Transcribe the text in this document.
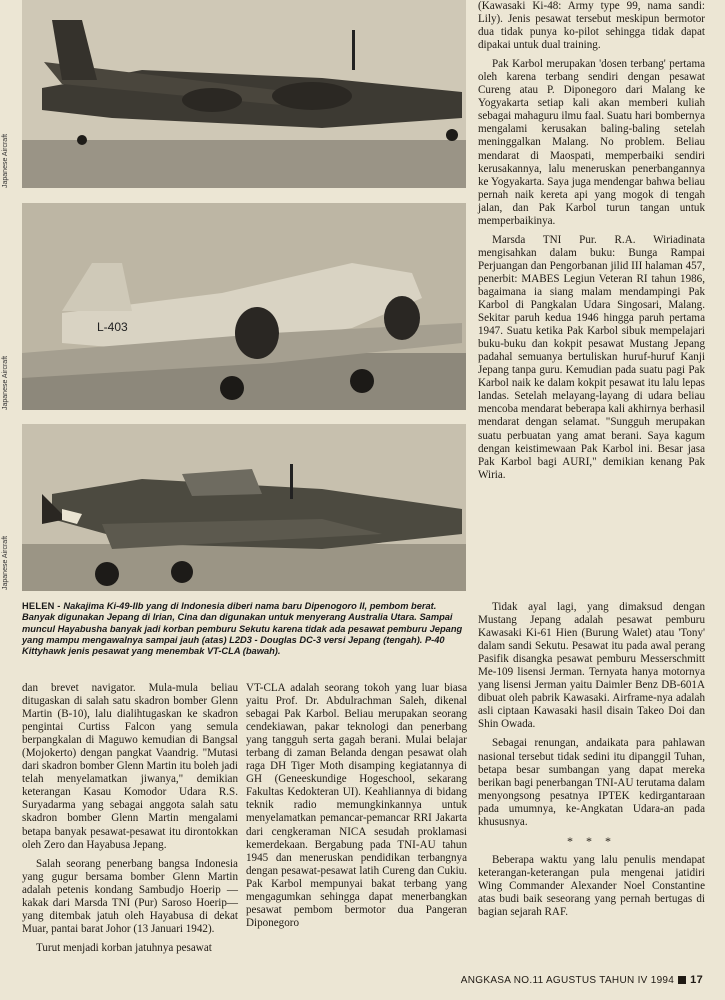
Japanese Aircraft
L-403
Japanese Aircraft
Japanese Aircraft
HELEN - Nakajima Ki-49-IIb yang di Indonesia diberi nama baru Dipenogoro II, pembom berat. Banyak digunakan Jepang di Irian, Cina dan digunakan untuk menyerang Australia Utara. Sampai muncul Hayabusha banyak jadi korban pemburu Sekutu karena tidak ada pesawat pemburu Jepang yang mampu mengawalnya sampai jauh (atas) L2D3 - Douglas DC-3 versi Jepang (tengah). P-40 Kittyhawk jenis pesawat yang menembak VT-CLA (bawah).

(Kawasaki Ki-48: Army type 99, nama sandi: Lily). Jenis pesawat tersebut meskipun bermotor dua tidak punya ko-pilot sehingga tidak dapat dipakai untuk dual training.

Pak Karbol merupakan 'dosen terbang' pertama oleh karena terbang sendiri dengan pesawat Cureng atau P. Diponegoro dari Malang ke Yogyakarta setiap kali akan memberi kuliah sebagai mahaguru ilmu faal. Suatu hari bombernya mengalami kerusakan baling-baling setelah meninggalkan Malang. No problem. Beliau mendarat di Maospati, memperbaiki sendiri kerusakannya, lalu meneruskan penerbangannya ke Yogyakarta. Saya juga mendengar bahwa beliau pernah naik kereta api yang mogok di tengah jalan, dan Pak Karbol turun tangan untuk memperbaikinya.

Marsda TNI Pur. R.A. Wiriadinata mengisahkan dalam buku: Bunga Rampai Perjuangan dan Pengorbanan jilid III halaman 457, penerbit: MABES Legiun Veteran RI tahun 1986, bagaimana ia siang malam mendampingi Pak Karbol di Pangkalan Udara Singosari, Malang. Sekitar paruh kedua 1946 hingga paruh pertama 1947. Suatu ketika Pak Karbol sibuk mempelajari buku-buku dan kokpit pesawat Mustang Jepang padahal semuanya bertuliskan huruf-huruf Kanji Jepang tanpa guru. Kemudian pada suatu pagi Pak Karbol naik ke dalam kokpit pesawat itu lalu lepas landas. Setelah melayang-layang di udara beliau mencoba mendarat beberapa kali akhirnya berhasil mendarat dengan selamat. "Sungguh merupakan suatu perbuatan yang amat berani. Saya kagum dengan keistimewaan Pak Karbol ini. Besar jasa Pak Karbol bagi AURI," demikian kenang Pak Wiria.

dan brevet navigator. Mula-mula beliau ditugaskan di salah satu skadron bomber Glenn Martin (B-10), lalu dialihtugaskan ke skadron pengintai Curtiss Falcon yang semula berpangkalan di Maguwo kemudian di Bangsal (Mojokerto) dengan pangkat Vaandrig. "Mutasi dari skadron bomber Glenn Martin itu boleh jadi telah menyelamatkan jiwanya," demikian keterangan Kasau Komodor Udara R.S. Suryadarma yang sebagai anggota salah satu skadron bomber Glenn Martin mengalami betapa banyak pesawat-pesawat itu dirontokkan oleh Zero dan Hayabusa Jepang.

Salah seorang penerbang bangsa Indonesia yang gugur bersama bomber Glenn Martin adalah petenis kondang Sambudjo Hoerip —kakak dari Marsda TNI (Pur) Saroso Hoerip— yang ditembak jatuh oleh Hayabusa di dekat Muar, pantai barat Johor (13 Januari 1942).

Turut menjadi korban jatuhnya pesawat

VT-CLA adalah seorang tokoh yang luar biasa yaitu Prof. Dr. Abdulrachman Saleh, dikenal sebagai Pak Karbol. Beliau merupakan seorang cendekiawan, pakar teknologi dan penerbang yang tangguh serta gagah berani. Mulai belajar terbang di zaman Belanda dengan pesawat olah raga DH Tiger Moth disamping kegiatannya di GH (Geneeskundige Hogeschool, sekarang Fakultas Kedokteran UI). Keahliannya di bidang teknik radio memungkinkannya untuk menyelamatkan pemancar-pemancar RRI Jakarta dari cengkeraman NICA sesudah proklamasi kemerdekaan. Bergabung pada TNI-AU tahun 1945 dan meneruskan pendidikan terbangnya dengan pesawat-pesawat latih Cureng dan Cukiu. Pak Karbol mempunyai bakat terbang yang mengagumkan sehingga dapat menerbangkan pesawat pembom bermotor dua Pangeran Diponegoro

Tidak ayal lagi, yang dimaksud dengan Mustang Jepang adalah pesawat pemburu Kawasaki Ki-61 Hien (Burung Walet) atau 'Tony' dalam sandi Sekutu. Pesawat itu pada awal perang Pasifik disangka pesawat pemburu Messerschmitt Me-109 lisensi Jerman. Ternyata hanya motornya yang lisensi Jerman yaitu Daimler Benz DB-601A dibuat oleh pabrik Kawasaki. Airframe-nya adalah asli ciptaan Kawasaki hasil disain Takeo Doi dan Shin Owada.

Sebagai renungan, andaikata para pahlawan nasional tersebut tidak sedini itu dipanggil Tuhan, betapa besar sumbangan yang dapat mereka berikan bagi penerbangan TNI-AU terutama dalam menyongsong pesatnya IPTEK kedirgantaraan pada umumnya, ke-Angkatan Udara-an pada khususnya.

* * *

Beberapa waktu yang lalu penulis mendapat keterangan-keterangan pula mengenai jatidiri Wing Commander Alexander Noel Constantine atas budi baik seseorang yang pernah bertugas di bagian sejarah RAF.

ANGKASA NO.11 AGUSTUS TAHUN IV 1994 17
